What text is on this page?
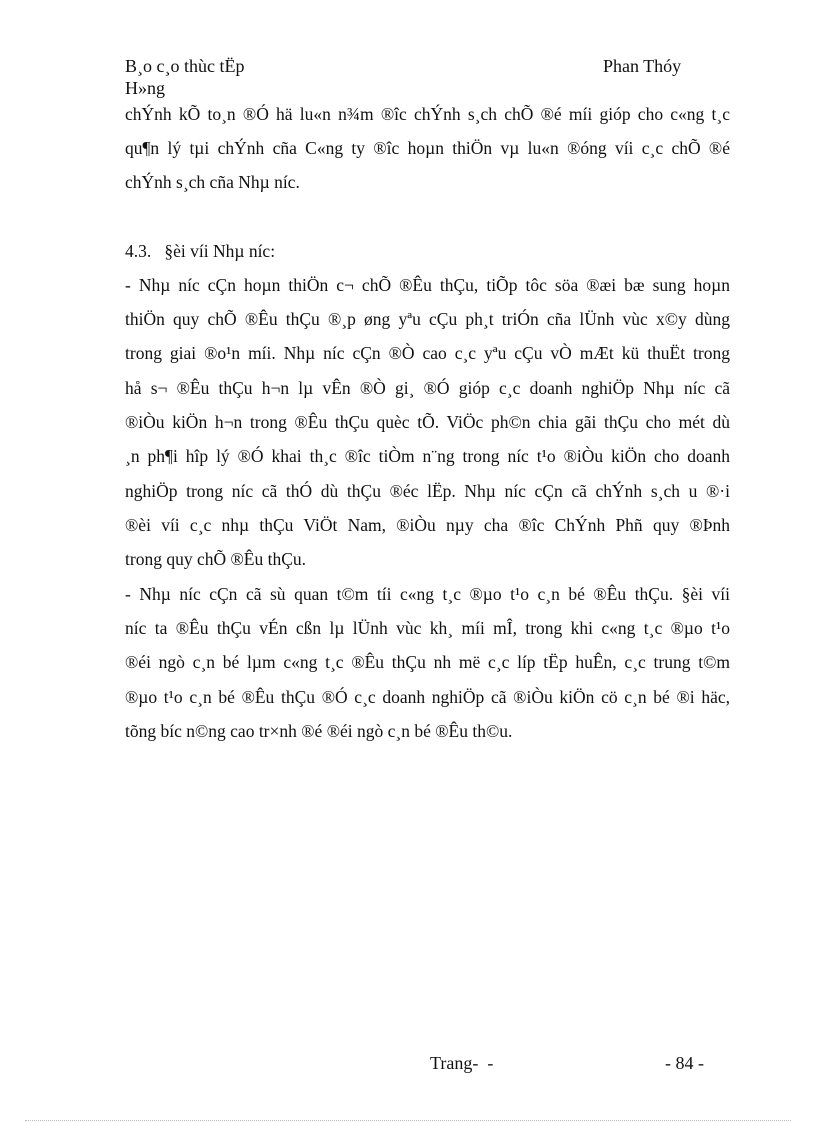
B¸o c¸o thùc tËp
H»ng
Phan Thóy
chÝnh kÕ to¸n ®Ó hä lu«n n¾m ®îc chÝnh s¸ch chÕ ®é míi gióp cho c«ng t¸c
qu¶n lý tµi chÝnh cña C«ng ty ®îc hoµn thiÖn vµ lu«n ®óng víi c¸c chÕ ®é
chÝnh s¸ch cña Nhµ níc.
4.3.   §èi víi Nhµ níc:
- Nhµ níc cÇn hoµn thiÖn c¬ chÕ ®Êu thÇu, tiÕp tôc söa ®æi bæ sung hoµn
thiÖn quy chÕ ®Êu thÇu ®¸p øng yªu cÇu ph¸t triÓn cña lÜnh vùc x©y dùng
trong giai ®o¹n míi. Nhµ níc cÇn ®Ò cao c¸c yªu cÇu vÒ mÆt kü thuËt trong
hå s¬ ®Êu thÇu h¬n lµ vÊn ®Ò gi¸ ®Ó gióp c¸c doanh nghiÖp Nhµ níc cã
®iÒu kiÖn h¬n trong ®Êu thÇu quèc tÕ. ViÖc ph©n chia gãi thÇu cho mét dù
¸n ph¶i hîp lý ®Ó khai th¸c ®îc tiÒm n¨ng trong níc t¹o ®iÒu kiÖn cho doanh
nghiÖp trong níc cã thÓ dù thÇu ®éc lËp. Nhµ níc cÇn cã chÝnh s¸ch u ®·i
®èi víi c¸c nhµ thÇu ViÖt Nam, ®iÒu nµy cha ®îc ChÝnh Phñ quy ®Þnh
trong quy chÕ ®Êu thÇu.
- Nhµ níc cÇn cã sù quan t©m tíi c«ng t¸c ®µo t¹o c¸n bé ®Êu thÇu. §èi víi
níc ta ®Êu thÇu vÉn cßn lµ lÜnh vùc kh¸ míi mÎ, trong khi c«ng t¸c ®µo t¹o
®éi ngò c¸n bé lµm c«ng t¸c ®Êu thÇu nh më c¸c líp tËp huÊn, c¸c trung t©m
®µo t¹o c¸n bé ®Êu thÇu ®Ó c¸c doanh nghiÖp cã ®iÒu kiÖn cö c¸n bé ®i häc,
tõng bíc n©ng cao tr×nh ®é ®éi ngò c¸n bé ®Êu th©u.
Trang-  -	- 84 -
